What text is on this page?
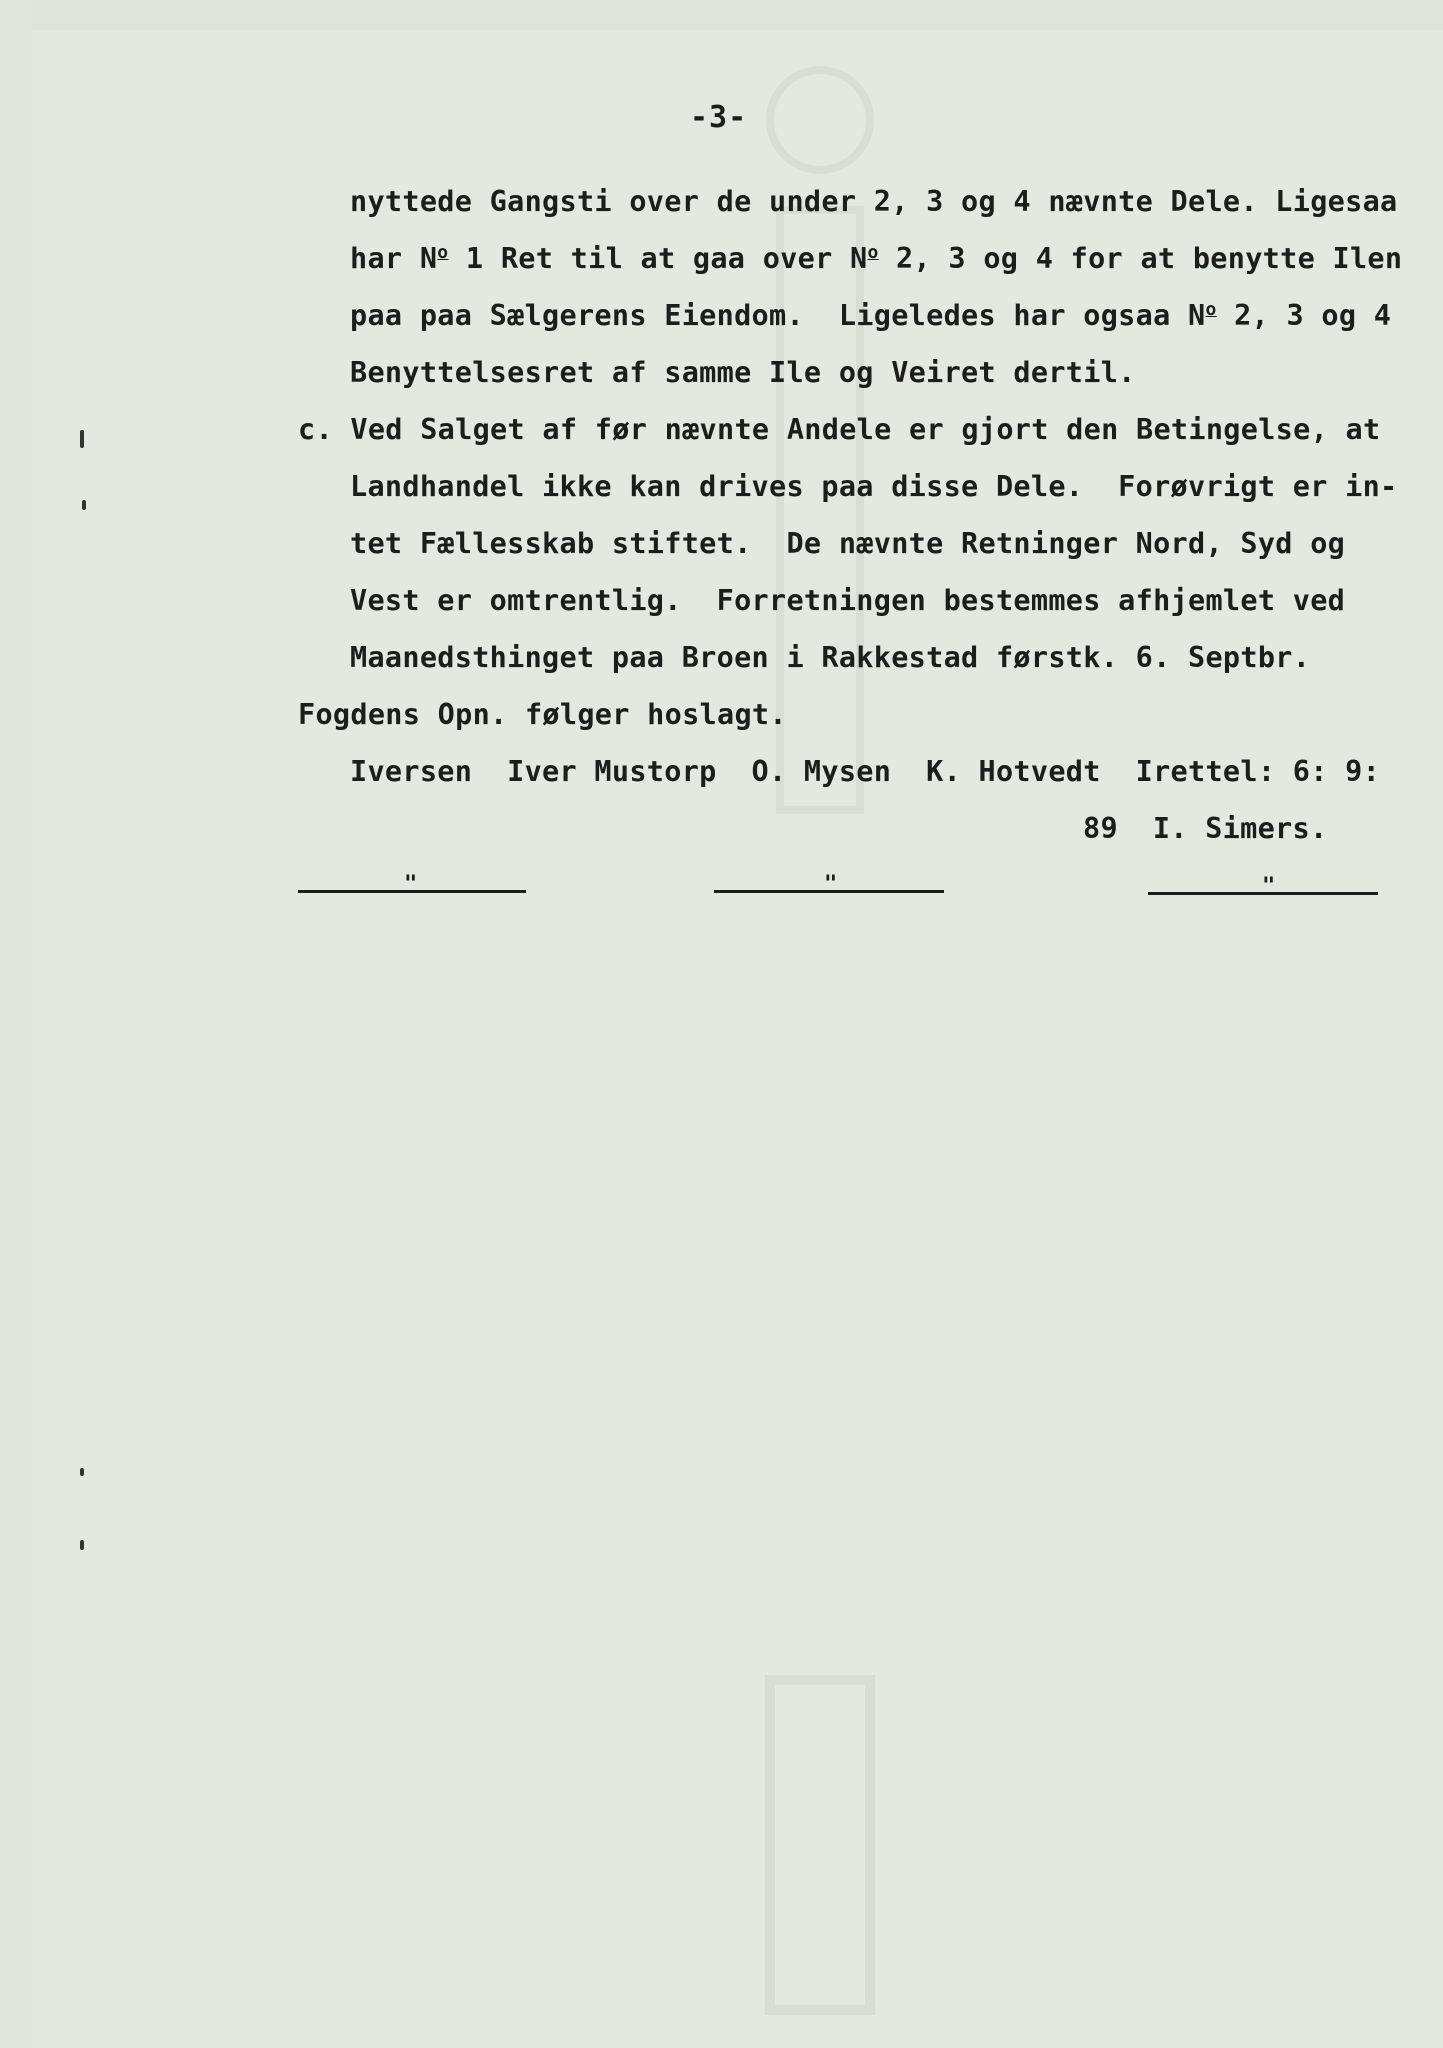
-3-
nyttede Gangsti over de under 2, 3 og 4 nævnte Dele. Ligesaa
har $N^o$ 1 Ret til at gaa over $N^o$ 2, 3 og 4 for at benytte Ilen
paa paa Sælgerens Eiendom.  Ligeledes har ogsaa $N^o$ 2, 3 og 4
Benyttelsesret af samme Ile og Veiret dertil.
c. Ved Salget af før nævnte Andele er gjort den Betingelse, at
Landhandel ikke kan drives paa disse Dele.  Forøvrigt er in-
tet Fællesskab stiftet.  De nævnte Retninger Nord, Syd og
Vest er omtrentlig.  Forretningen bestemmes afhjemlet ved
Maanedsthinget paa Broen i Rakkestad førstk. 6. Septbr.
Fogdens Opn. følger hoslagt.
Iversen  Iver Mustorp  O. Mysen  K. Hotvedt  Irettel: 6: 9:
89  I. Simers.
"	"	"
